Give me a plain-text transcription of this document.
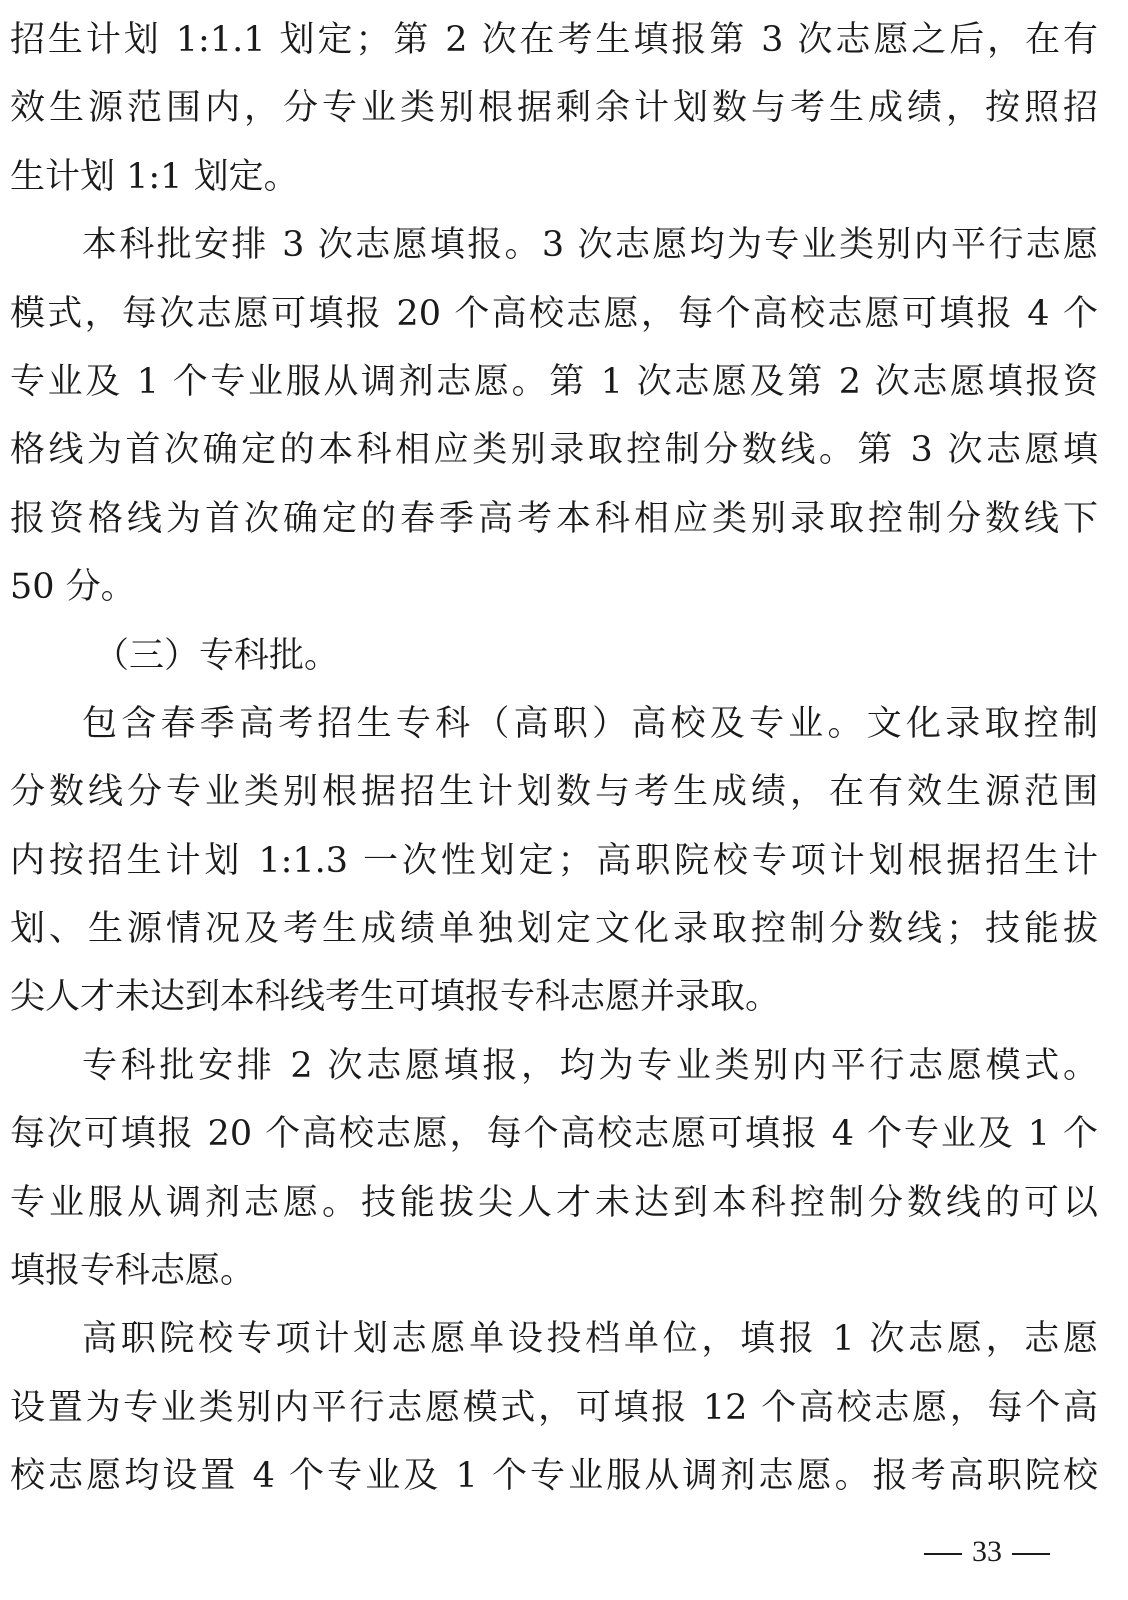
招生计划 1:1.1 划定；第 2 次在考生填报第 3 次志愿之后，在有
效生源范围内，分专业类别根据剩余计划数与考生成绩，按照招
生计划 1:1 划定。
本科批安排 3 次志愿填报。3 次志愿均为专业类别内平行志愿
模式，每次志愿可填报 20 个高校志愿，每个高校志愿可填报 4 个
专业及 1 个专业服从调剂志愿。第 1 次志愿及第 2 次志愿填报资
格线为首次确定的本科相应类别录取控制分数线。第 3 次志愿填
报资格线为首次确定的春季高考本科相应类别录取控制分数线下
50 分。
（三）专科批。
包含春季高考招生专科（高职）高校及专业。文化录取控制
分数线分专业类别根据招生计划数与考生成绩，在有效生源范围
内按招生计划 1:1.3 一次性划定；高职院校专项计划根据招生计
划、生源情况及考生成绩单独划定文化录取控制分数线；技能拔
尖人才未达到本科线考生可填报专科志愿并录取。
专科批安排 2 次志愿填报，均为专业类别内平行志愿模式。
每次可填报 20 个高校志愿，每个高校志愿可填报 4 个专业及 1 个
专业服从调剂志愿。技能拔尖人才未达到本科控制分数线的可以
填报专科志愿。
高职院校专项计划志愿单设投档单位，填报 1 次志愿，志愿
设置为专业类别内平行志愿模式，可填报 12 个高校志愿，每个高
校志愿均设置 4 个专业及 1 个专业服从调剂志愿。报考高职院校
33
